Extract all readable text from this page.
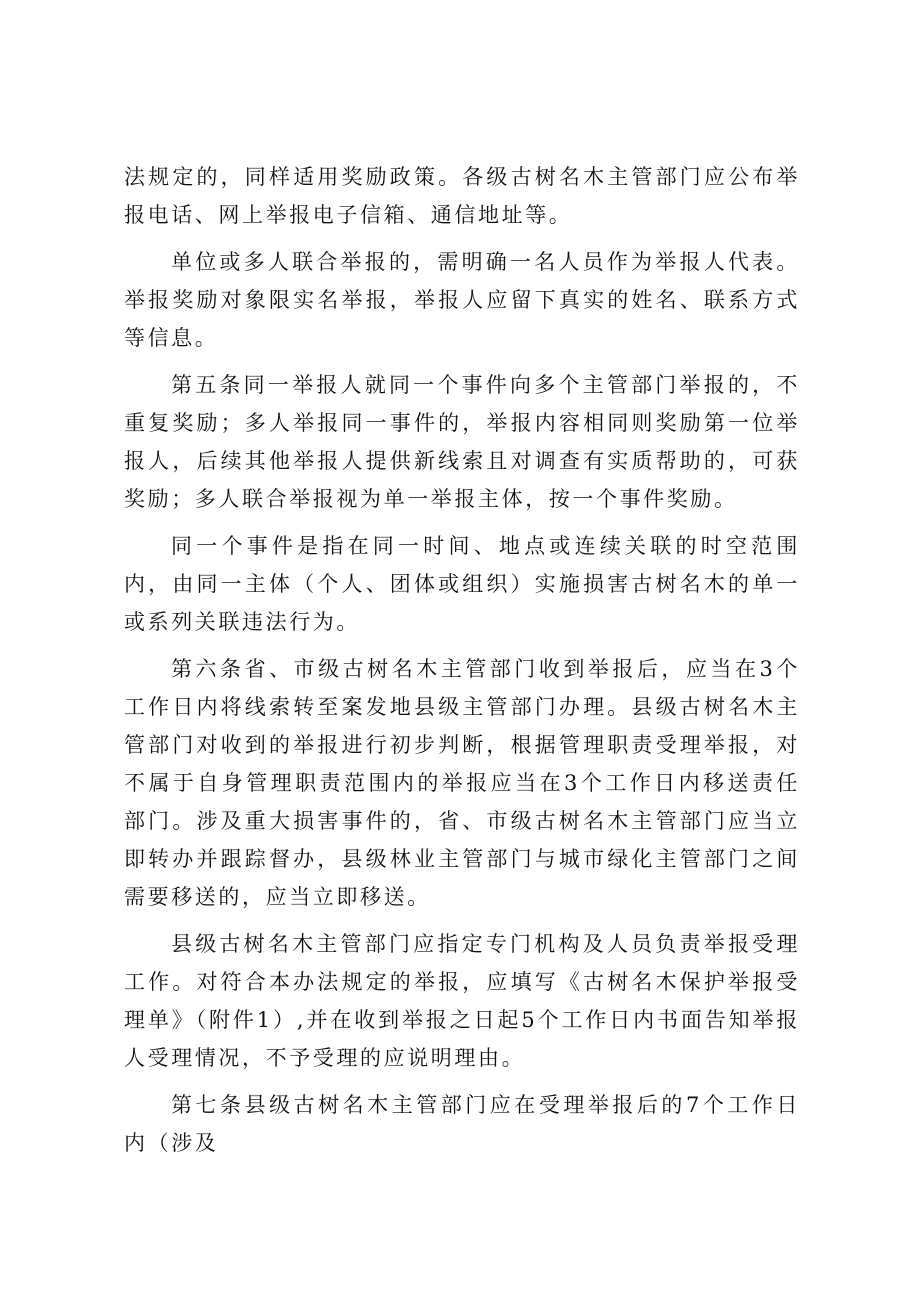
法规定的，同样适用奖励政策。各级古树名木主管部门应公布举报电话、网上举报电子信箱、通信地址等。

单位或多人联合举报的，需明确一名人员作为举报人代表。举报奖励对象限实名举报，举报人应留下真实的姓名、联系方式等信息。

第五条同一举报人就同一个事件向多个主管部门举报的，不重复奖励；多人举报同一事件的，举报内容相同则奖励第一位举报人，后续其他举报人提供新线索且对调查有实质帮助的，可获奖励；多人联合举报视为单一举报主体，按一个事件奖励。

同一个事件是指在同一时间、地点或连续关联的时空范围内，由同一主体（个人、团体或组织）实施损害古树名木的单一或系列关联违法行为。

第六条省、市级古树名木主管部门收到举报后，应当在3个工作日内将线索转至案发地县级主管部门办理。县级古树名木主管部门对收到的举报进行初步判断，根据管理职责受理举报，对不属于自身管理职责范围内的举报应当在3个工作日内移送责任部门。涉及重大损害事件的，省、市级古树名木主管部门应当立即转办并跟踪督办，县级林业主管部门与城市绿化主管部门之间需要移送的，应当立即移送。

县级古树名木主管部门应指定专门机构及人员负责举报受理工作。对符合本办法规定的举报，应填写《古树名木保护举报受理单》（附件1）,并在收到举报之日起5个工作日内书面告知举报人受理情况，不予受理的应说明理由。

第七条县级古树名木主管部门应在受理举报后的7个工作日内（涉及
